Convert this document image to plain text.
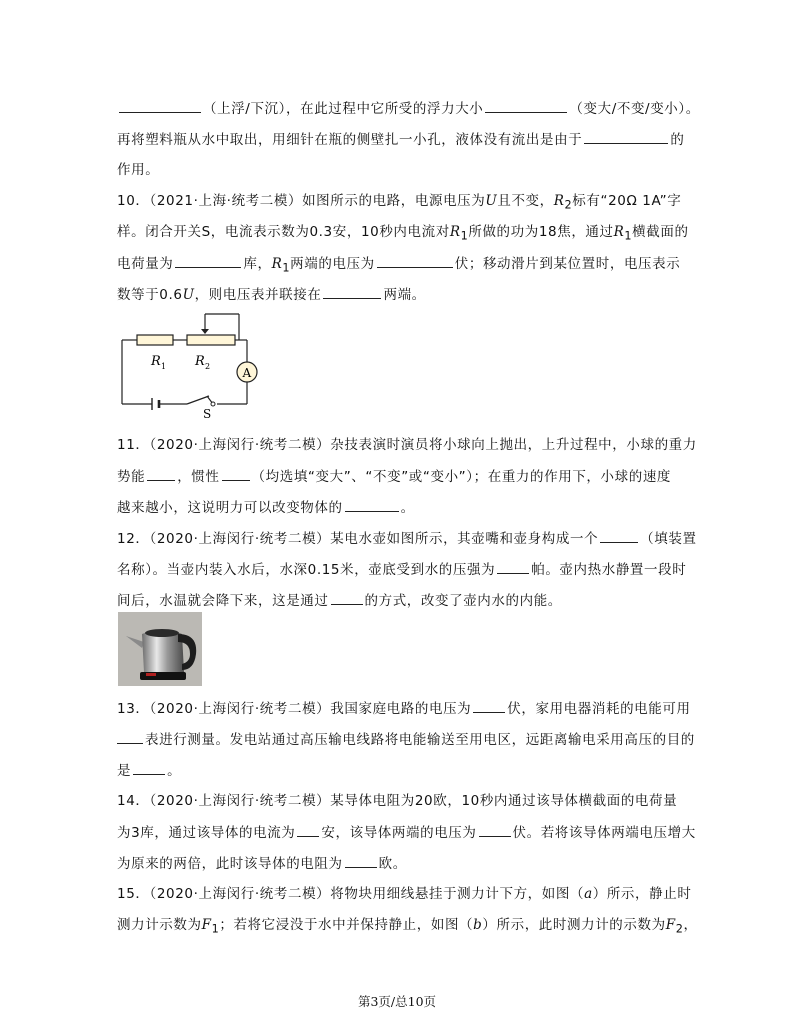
（上浮/下沉），在此过程中它所受的浮力大小	（变大/不变/变小）。
再将塑料瓶从水中取出，用细针在瓶的侧壁扎一小孔，液体没有流出是由于	的
作用。
10．（2021·上海·统考二模）如图所示的电路，电源电压为U且不变，$R_2$标有“20Ω 1A”字
样。闭合开关S，电流表示数为0.3安，10秒内电流对$R_1$所做的功为18焦，通过$R_1$横截面的
电荷量为	库，$R_1$两端的电压为	伏；移动滑片到某位置时，电压表示
数等于0.6U，则电压表并联接在	两端。
R 1 R 2	A
S
11．（2020·上海闵行·统考二模）杂技表演时演员将小球向上抛出，上升过程中，小球的重力
势能 ，惯性 （均选填“变大”、“不变”或“变小”）；在重力的作用下，小球的速度
越来越小，这说明力可以改变物体的	。
12．（2020·上海闵行·统考二模）某电水壶如图所示，其壶嘴和壶身构成一个	（填装置
名称）。当壶内装入水后，水深0.15米，壶底受到水的压强为	帕。壶内热水静置一段时
间后，水温就会降下来，这是通过	的方式，改变了壶内水的内能。
13．（2020·上海闵行·统考二模）我国家庭电路的电压为	伏，家用电器消耗的电能可用
表进行测量。发电站通过高压输电线路将电能输送至用电区，远距离输电采用高压的目的
是	。
14．（2020·上海闵行·统考二模）某导体电阻为20欧，10秒内通过该导体横截面的电荷量
为3库，通过该导体的电流为 安，该导体两端的电压为	伏。若将该导体两端电压增大
为原来的两倍，此时该导体的电阻为	欧。
15．（2020·上海闵行·统考二模）将物块用细线悬挂于测力计下方，如图（a）所示，静止时
测力计示数为$F_1$；若将它浸没于水中并保持静止，如图（b）所示，此时测力计的示数为$F_2$，
第3页/总10页
